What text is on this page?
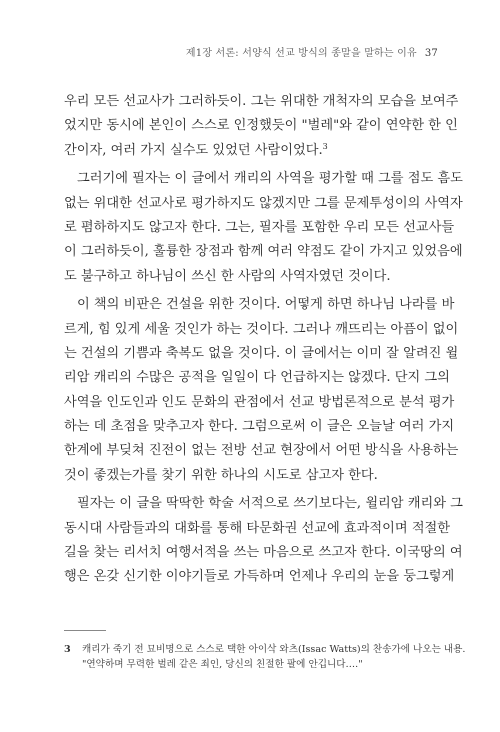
제1장 서론: 서양식 선교 방식의 종말을 말하는 이유 37
우리 모든 선교사가 그러하듯이. 그는 위대한 개척자의 모습을 보여주
었지만 동시에 본인이 스스로 인정했듯이 "벌레"와 같이 연약한 한 인
간이자, 여러 가지 실수도 있었던 사람이었다.$^3$
그러기에 필자는 이 글에서 캐리의 사역을 평가할 때 그를 점도 흠도
없는 위대한 선교사로 평가하지도 않겠지만 그를 문제투성이의 사역자
로 폄하하지도 않고자 한다. 그는, 필자를 포함한 우리 모든 선교사들
이 그러하듯이, 훌륭한 장점과 함께 여러 약점도 같이 가지고 있었음에
도 불구하고 하나님이 쓰신 한 사람의 사역자였던 것이다.
이 책의 비판은 건설을 위한 것이다. 어떻게 하면 하나님 나라를 바
르게, 힘 있게 세울 것인가 하는 것이다. 그러나 깨뜨리는 아픔이 없이
는 건설의 기쁨과 축복도 없을 것이다. 이 글에서는 이미 잘 알려진 윌
리암 캐리의 수많은 공적을 일일이 다 언급하지는 않겠다. 단지 그의
사역을 인도인과 인도 문화의 관점에서 선교 방법론적으로 분석 평가
하는 데 초점을 맞추고자 한다. 그럼으로써 이 글은 오늘날 여러 가지
한계에 부딪쳐 진전이 없는 전방 선교 현장에서 어떤 방식을 사용하는
것이 좋겠는가를 찾기 위한 하나의 시도로 삼고자 한다.
필자는 이 글을 딱딱한 학술 서적으로 쓰기보다는, 윌리암 캐리와 그
동시대 사람들과의 대화를 통해 타문화권 선교에 효과적이며 적절한
길을 찾는 리서치 여행서적을 쓰는 마음으로 쓰고자 한다. 이국땅의 여
행은 온갖 신기한 이야기들로 가득하며 언제나 우리의 눈을 둥그렇게
3 캐리가 죽기 전 묘비명으로 스스로 택한 아이삭 와츠(Issac Watts)의 찬송가에 나오는 내용.
"연약하며 무력한 벌레 같은 죄인, 당신의 친절한 팔에 안깁니다…."
